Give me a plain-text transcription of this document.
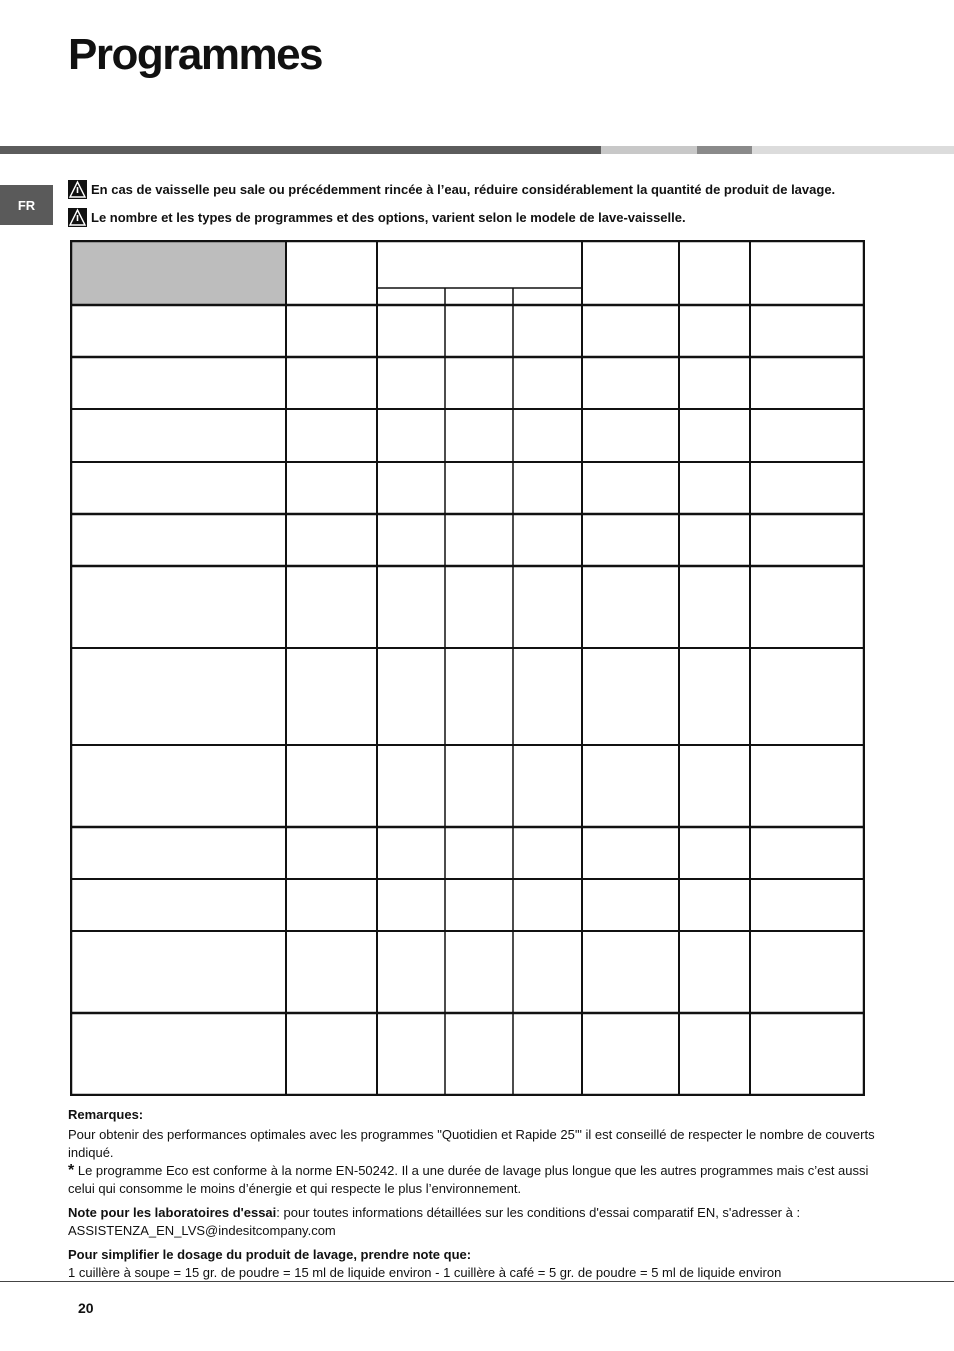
Programmes
FR
En cas de vaisselle peu sale ou précédemment rincée à l’eau, réduire considérablement la quantité de produit de lavage.
Le nombre et les types de programmes et des options, varient selon le modele de lave-vaisselle.

Remarques:

Pour obtenir des performances optimales avec les programmes "Quotidien et Rapide 25'" il est conseillé de respecter le nombre de couverts indiqué.

* Le programme Eco est conforme à la norme EN-50242. Il a une durée de lavage plus longue que les autres programmes mais c’est aussi celui qui consomme le moins d’énergie et qui respecte le plus l’environnement.

Note pour les laboratoires d'essai: pour toutes informations détaillées sur les conditions d'essai comparatif EN, s'adresser à : ASSISTENZA_EN_LVS@indesitcompany.com

Pour simplifier le dosage du produit de lavage, prendre note que:

1 cuillère à soupe = 15 gr. de poudre = 15 ml de liquide environ - 1 cuillère à café = 5 gr. de poudre = 5 ml de liquide environ

20
